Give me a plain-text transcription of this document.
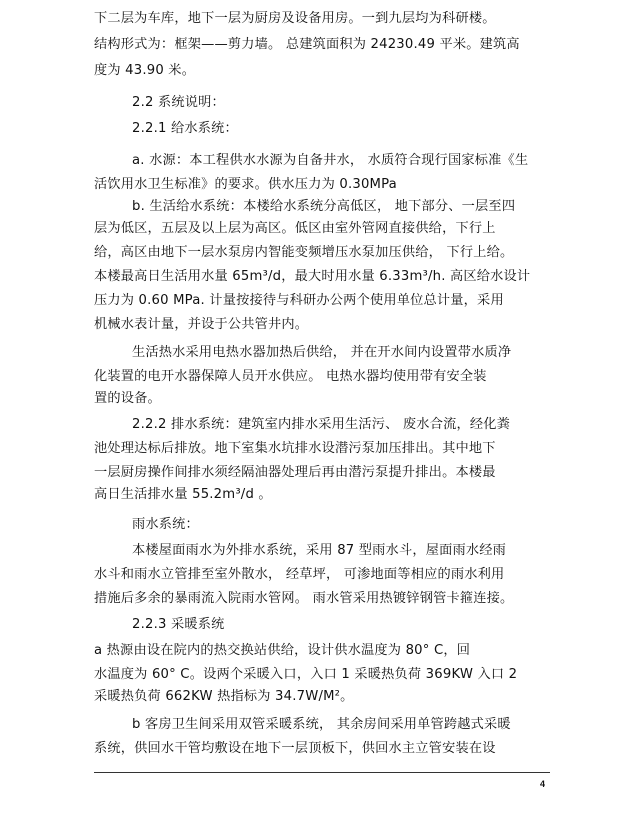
下二层为车库，地下一层为厨房及设备用房。一到九层均为科研楼。
结构形式为：框架——剪力墙。 总建筑面积为 24230.49 平米。建筑高
度为 43.90 米。
2.2 系统说明：
2.2.1 给水系统：
a. 水源：本工程供水水源为自备井水， 水质符合现行国家标准《生
活饮用水卫生标准》的要求。供水压力为 0.30MPa
b. 生活给水系统：本楼给水系统分高低区， 地下部分、一层至四
层为低区，五层及以上层为高区。低区由室外管网直接供给，下行上
给，高区由地下一层水泵房内智能变频增压水泵加压供给， 下行上给。
本楼最高日生活用水量 65m³/d，最大时用水量 6.33m³/h. 高区给水设计
压力为 0.60 MPa. 计量按接待与科研办公两个使用单位总计量，采用
机械水表计量，并设于公共管井内。
生活热水采用电热水器加热后供给， 并在开水间内设置带水质净
化装置的电开水器保障人员开水供应。 电热水器均使用带有安全装
置的设备。
2.2.2 排水系统：建筑室内排水采用生活污、 废水合流，经化粪
池处理达标后排放。地下室集水坑排水设潜污泵加压排出。其中地下
一层厨房操作间排水须经隔油器处理后再由潜污泵提升排出。本楼最
高日生活排水量 55.2m³/d 。
雨水系统：
本楼屋面雨水为外排水系统，采用 87 型雨水斗，屋面雨水经雨
水斗和雨水立管排至室外散水， 经草坪， 可渗地面等相应的雨水利用
措施后多余的暴雨流入院雨水管网。 雨水管采用热镀锌钢管卡箍连接。
2.2.3 采暖系统
a 热源由设在院内的热交换站供给，设计供水温度为 80° C，回
水温度为 60° C。设两个采暖入口，入口 1 采暖热负荷 369KW 入口 2
采暖热负荷 662KW 热指标为 34.7W/M²。
b 客房卫生间采用双管采暖系统， 其余房间采用单管跨越式采暖
系统，供回水干管均敷设在地下一层顶板下，供回水主立管安装在设
4
